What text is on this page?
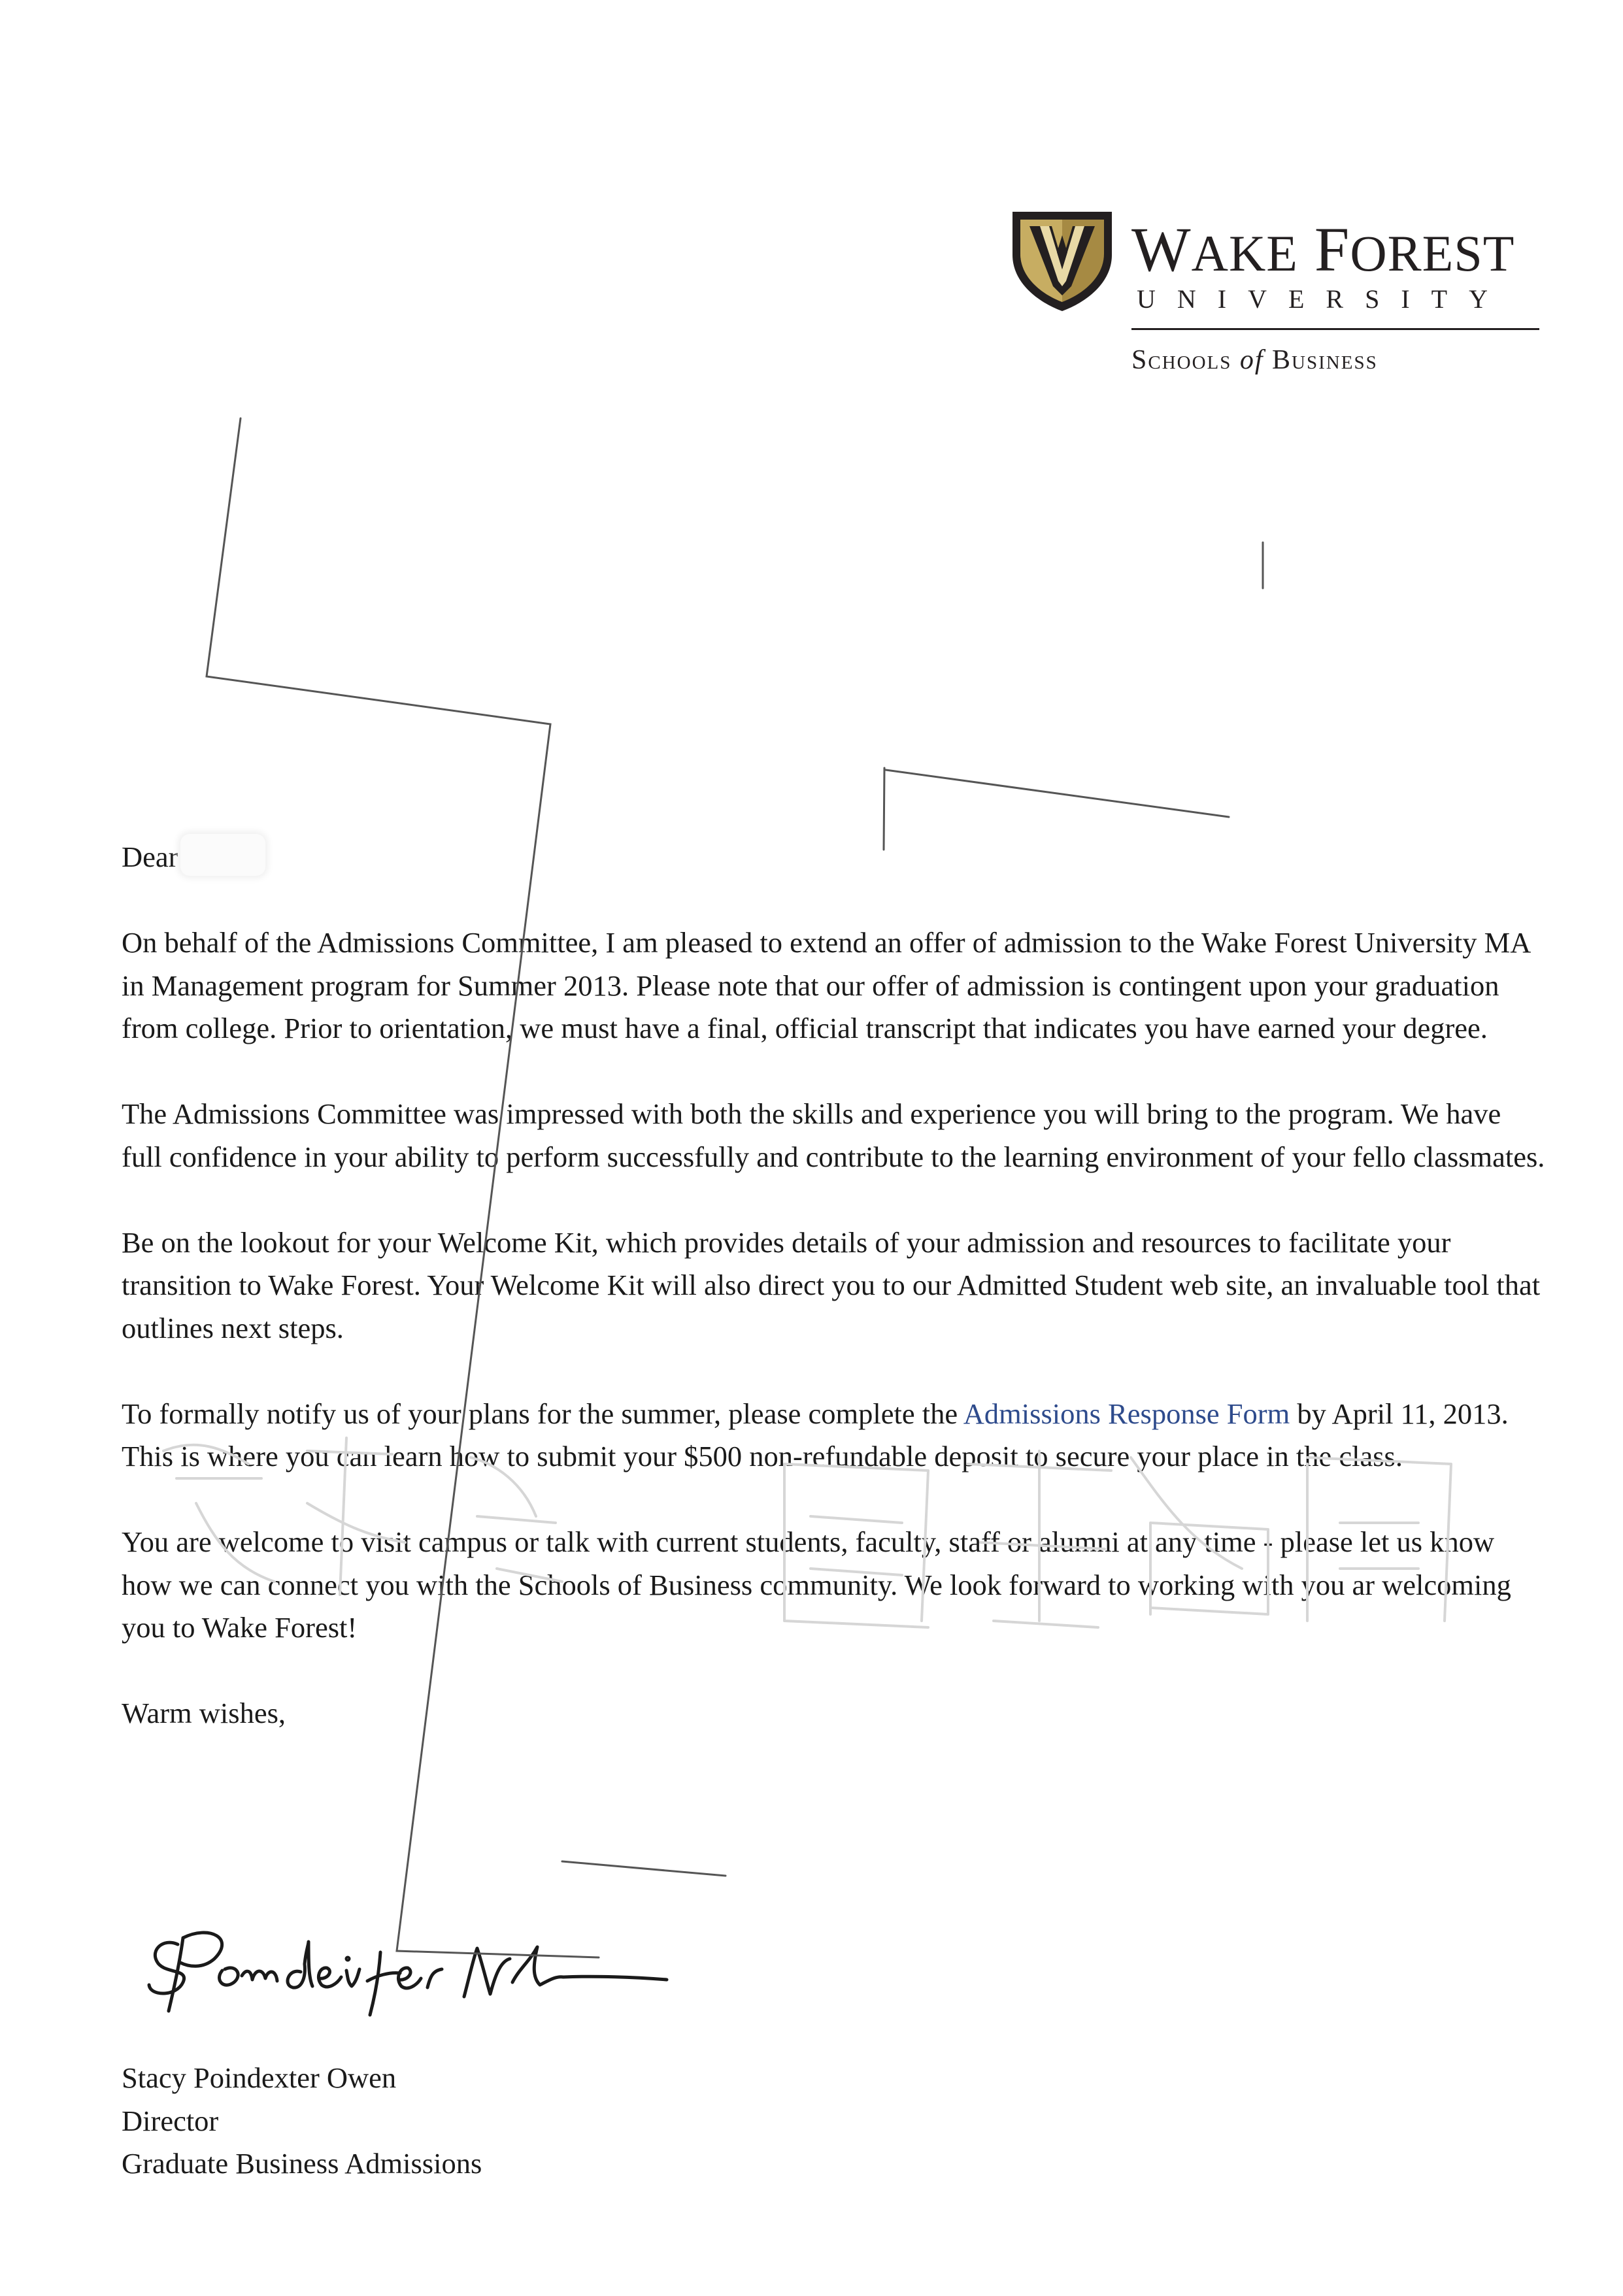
WAKE FOREST
UNIVERSITY
Schools of Business

Dear

On behalf of the Admissions Committee, I am pleased to extend an offer of admission to the Wake Forest University MA in Management program for Summer 2013. Please note that our offer of admission is contingent upon your graduation from college. Prior to orientation, we must have a final, official transcript that indicates you have earned your degree.

The Admissions Committee was impressed with both the skills and experience you will bring to the program. We have full confidence in your ability to perform successfully and contribute to the learning environment of your fello classmates.

Be on the lookout for your Welcome Kit, which provides details of your admission and resources to facilitate your transition to Wake Forest. Your Welcome Kit will also direct you to our Admitted Student web site, an invaluable tool that outlines next steps.

To formally notify us of your plans for the summer, please complete the Admissions Response Form by April 11, 2013. This is where you can learn how to submit your $500 non-refundable deposit to secure your place in the class.

You are welcome to visit campus or talk with current students, faculty, staff or alumni at any time - please let us know how we can connect you with the Schools of Business community. We look forward to working with you ar welcoming you to Wake Forest!

Warm wishes,

Stacy Poindexter Owen

Director

Graduate Business Admissions
